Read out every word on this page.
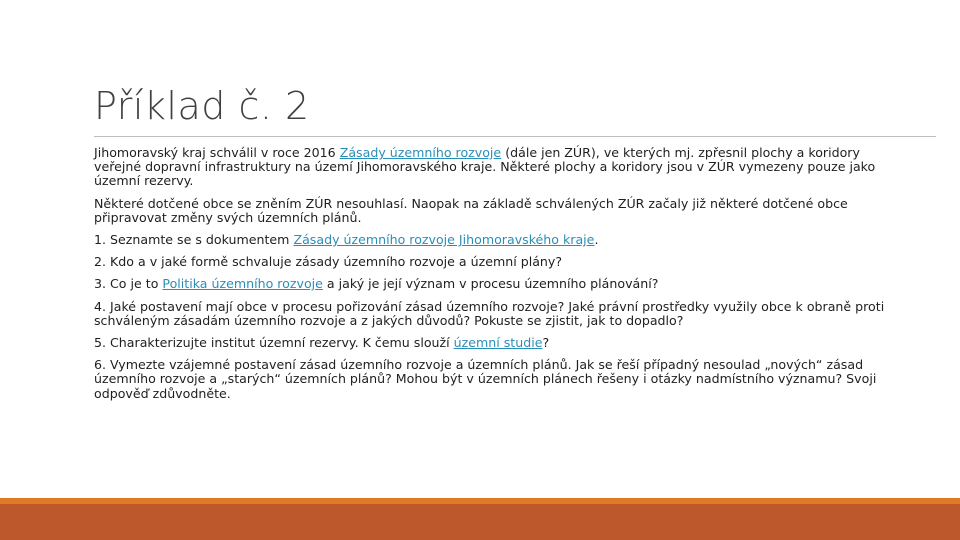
Příklad č. 2

Jihomoravský kraj schválil v roce 2016 Zásady územního rozvoje (dále jen ZÚR), ve kterých mj. zpřesnil plochy a koridory veřejné dopravní infrastruktury na území Jihomoravského kraje. Některé plochy a koridory jsou v ZÚR vymezeny pouze jako územní rezervy.

Některé dotčené obce se zněním ZÚR nesouhlasí. Naopak na základě schválených ZÚR začaly již některé dotčené obce připravovat změny svých územních plánů.

1. Seznamte se s dokumentem Zásady územního rozvoje Jihomoravského kraje.

2. Kdo a v jaké formě schvaluje zásady územního rozvoje a územní plány?

3. Co je to Politika územního rozvoje a jaký je její význam v procesu územního plánování?

4. Jaké postavení mají obce v procesu pořizování zásad územního rozvoje? Jaké právní prostředky využily obce k obraně proti schváleným zásadám územního rozvoje a z jakých důvodů? Pokuste se zjistit, jak to dopadlo?

5. Charakterizujte institut územní rezervy. K čemu slouží územní studie?

6. Vymezte vzájemné postavení zásad územního rozvoje a územních plánů. Jak se řeší případný nesoulad „nových“ zásad územního rozvoje a „starých“ územních plánů? Mohou být v územních plánech řešeny i otázky nadmístního významu? Svoji odpověď zdůvodněte.
